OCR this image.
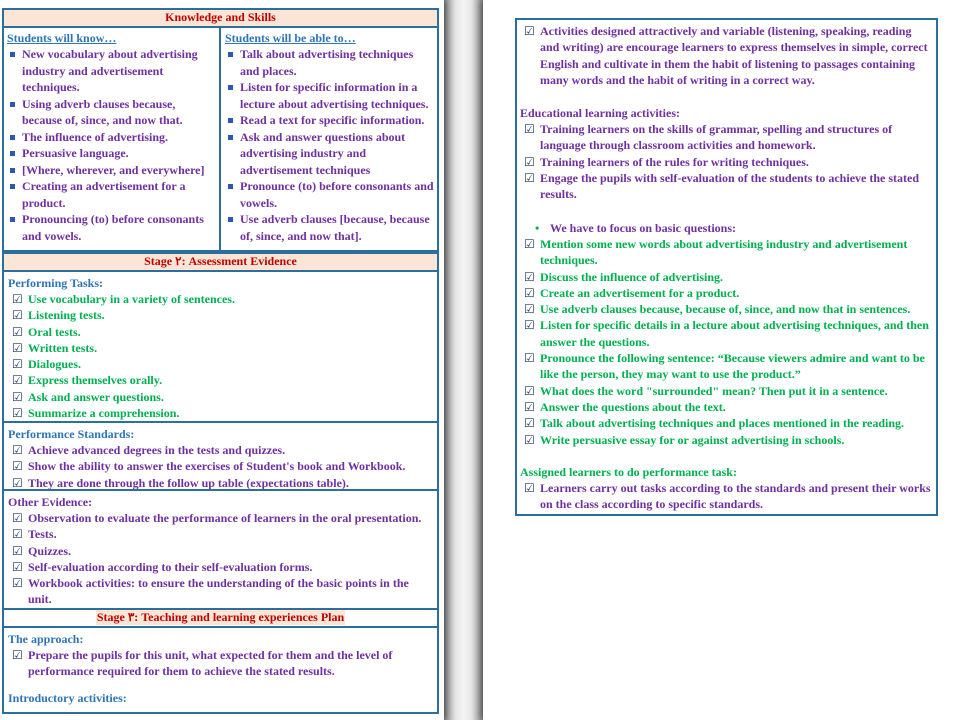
Knowledge and Skills
Students will know…
New vocabulary about advertising industry and advertisement techniques.
Using adverb clauses because, because of, since, and now that.
The influence of advertising.
Persuasive language.
[Where, wherever, and everywhere]
Creating an advertisement for a product.
Pronouncing (to) before consonants and vowels.
Students will be able to…
Talk about advertising techniques and places.
Listen for specific information in a lecture about advertising techniques.
Read a text for specific information.
Ask and answer questions about advertising industry and advertisement techniques
Pronounce (to) before consonants and vowels.
Use adverb clauses [because, because of, since, and now that].
Stage ٢: Assessment Evidence
Performing Tasks:
☑ Use vocabulary in a variety of sentences.
☑ Listening tests.
☑ Oral tests.
☑ Written tests.
☑ Dialogues.
☑ Express themselves orally.
☑ Ask and answer questions.
☑ Summarize a comprehension.
Performance Standards:
☑ Achieve advanced degrees in the tests and quizzes.
☑ Show the ability to answer the exercises of Student's book and Workbook.
☑ They are done through the follow up table (expectations table).
Other Evidence:
☑ Observation to evaluate the performance of learners in the oral presentation.
☑ Tests.
☑ Quizzes.
☑ Self-evaluation according to their self-evaluation forms.
☑ Workbook activities: to ensure the understanding of the basic points in the unit.
Stage ٣: Teaching and learning experiences Plan
The approach:
☑ Prepare the pupils for this unit, what expected for them and the level of performance required for them to achieve the stated results.
Introductory activities:
☑ Activities designed attractively and variable (listening, speaking, reading and writing) are encourage learners to express themselves in simple, correct English and cultivate in them the habit of listening to passages containing many words and the habit of writing in a correct way.
Educational learning activities:
☑ Training learners on the skills of grammar, spelling and structures of language through classroom activities and homework.
☑ Training learners of the rules for writing techniques.
☑ Engage the pupils with self-evaluation of the students to achieve the stated results.
• We have to focus on basic questions:
☑ Mention some new words about advertising industry and advertisement techniques.
☑ Discuss the influence of advertising.
☑ Create an advertisement for a product.
☑ Use adverb clauses because, because of, since, and now that in sentences.
☑ Listen for specific details in a lecture about advertising techniques, and then answer the questions.
☑ Pronounce the following sentence: “Because viewers admire and want to be like the person, they may want to use the product.”
☑ What does the word "surrounded" mean? Then put it in a sentence.
☑ Answer the questions about the text.
☑ Talk about advertising techniques and places mentioned in the reading.
☑ Write persuasive essay for or against advertising in schools.
Assigned learners to do performance task:
☑ Learners carry out tasks according to the standards and present their works on the class according to specific standards.
